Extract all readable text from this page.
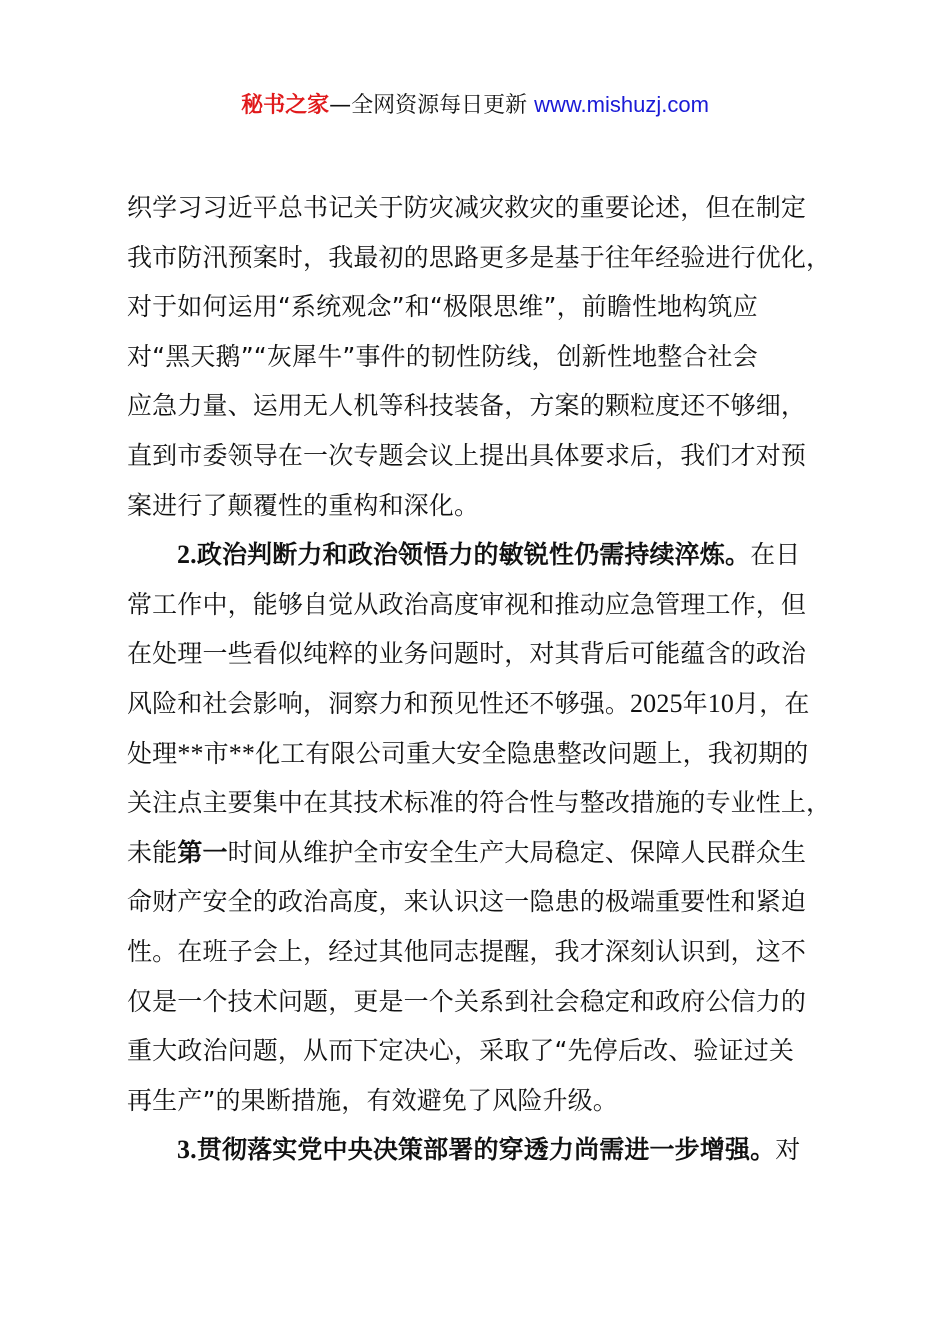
秘书之家—全网资源每日更新 www.mishuzj.com
织学习习近平总书记关于防灾减灾救灾的重要论述，但在制定
我市防汛预案时，我最初的思路更多是基于往年经验进行优化，
对于如何运用“系统观念”和“极限思维”，前瞻性地构筑应
对“黑天鹅”“灰犀牛”事件的韧性防线，创新性地整合社会
应急力量、运用无人机等科技装备，方案的颗粒度还不够细，
直到市委领导在一次专题会议上提出具体要求后，我们才对预
案进行了颠覆性的重构和深化。
2.政治判断力和政治领悟力的敏锐性仍需持续淬炼。在日
常工作中，能够自觉从政治高度审视和推动应急管理工作，但
在处理一些看似纯粹的业务问题时，对其背后可能蕴含的政治
风险和社会影响，洞察力和预见性还不够强。2025年10月，在
处理**市**化工有限公司重大安全隐患整改问题上，我初期的
关注点主要集中在其技术标准的符合性与整改措施的专业性上，
未能第一时间从维护全市安全生产大局稳定、保障人民群众生
命财产安全的政治高度，来认识这一隐患的极端重要性和紧迫
性。在班子会上，经过其他同志提醒，我才深刻认识到，这不
仅是一个技术问题，更是一个关系到社会稳定和政府公信力的
重大政治问题，从而下定决心，采取了“先停后改、验证过关
再生产”的果断措施，有效避免了风险升级。
3.贯彻落实党中央决策部署的穿透力尚需进一步增强。对
